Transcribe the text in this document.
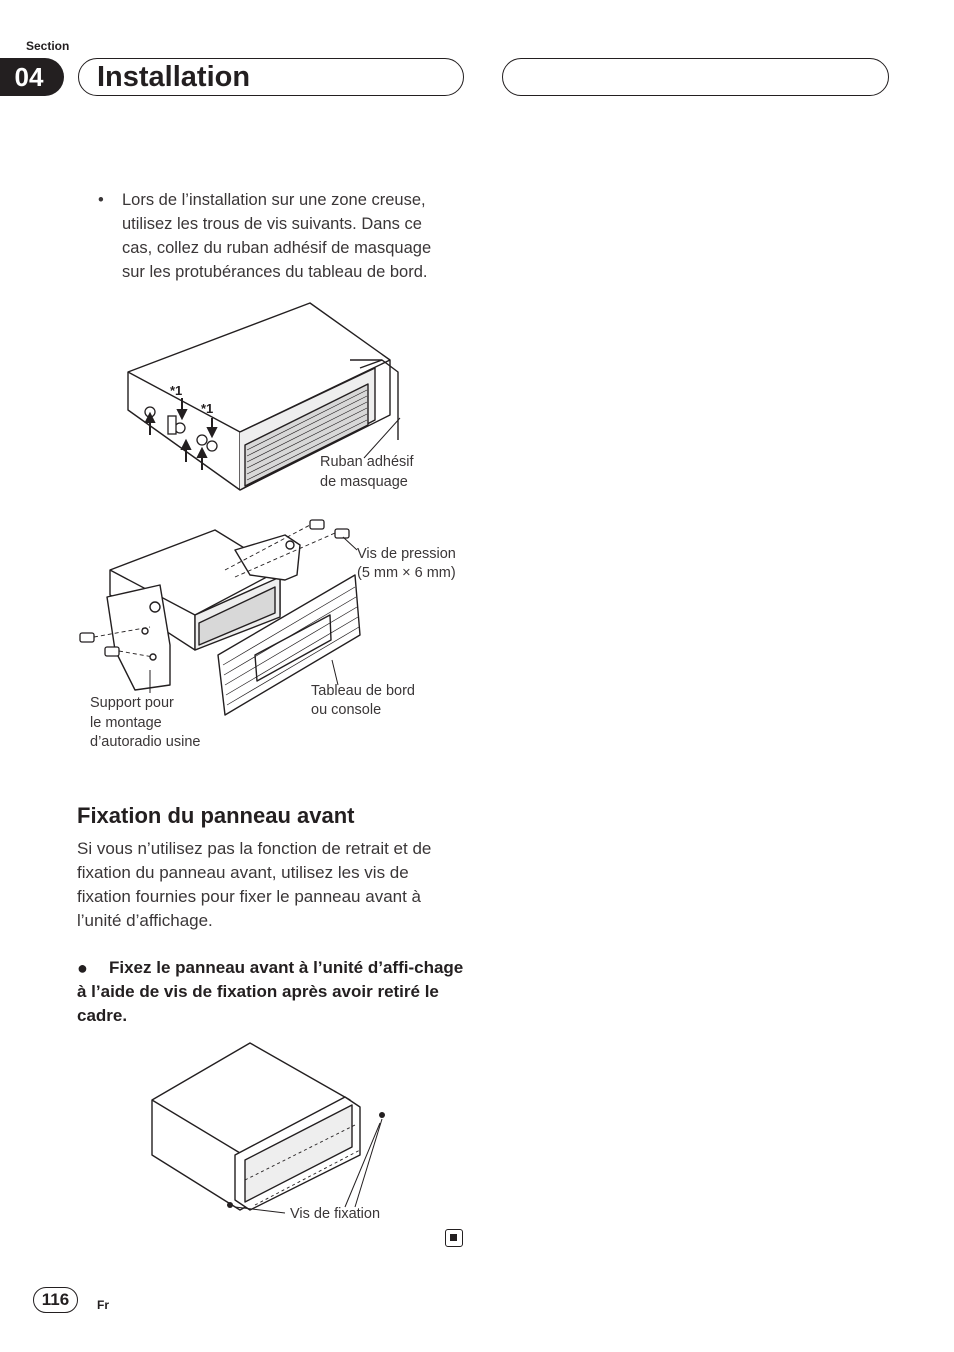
Section
04	Installation
• Lors de l’installation sur une zone creuse,
utilisez les trous de vis suivants. Dans ce
cas, collez du ruban adhésif de masquage
sur les protubérances du tableau de bord.
*1
*1
Ruban adhésif
de masquage
Vis de pression
(5 mm × 6 mm)
Tableau de bord
ou console
Support pour
le montage
d’autoradio usine
Fixation du panneau avant
Si vous n’utilisez pas la fonction de retrait et de fixation du panneau avant, utilisez les vis de fixation fournies pour fixer le panneau avant à l’unité d’affichage.
●	Fixez le panneau avant à l’unité d’affi-chage à l’aide de vis de fixation après avoir retiré le cadre.
Vis de fixation
116	Fr
